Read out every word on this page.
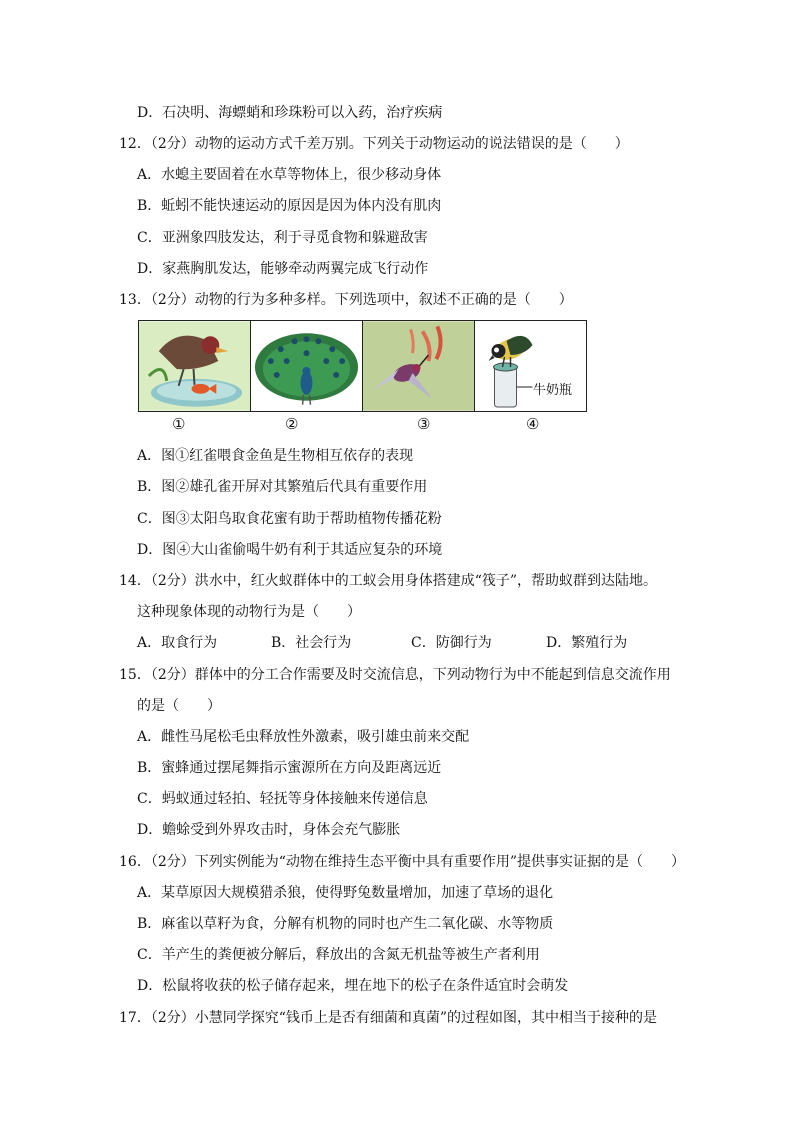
D．石决明、海螵蛸和珍珠粉可以入药，治疗疾病
12．（2分）动物的运动方式千差万别。下列关于动物运动的说法错误的是（　　）
A．水螅主要固着在水草等物体上，很少移动身体
B．蚯蚓不能快速运动的原因是因为体内没有肌肉
C．亚洲象四肢发达，利于寻觅食物和躲避敌害
D．家燕胸肌发达，能够牵动两翼完成飞行动作
13．（2分）动物的行为多种多样。下列选项中，叙述不正确的是（　　）
牛奶瓶
①	②	③	④
A．图①红雀喂食金鱼是生物相互依存的表现
B．图②雄孔雀开屏对其繁殖后代具有重要作用
C．图③太阳鸟取食花蜜有助于帮助植物传播花粉
D．图④大山雀偷喝牛奶有利于其适应复杂的环境
14．（2分）洪水中，红火蚁群体中的工蚁会用身体搭建成“筏子”，帮助蚁群到达陆地。
这种现象体现的动物行为是（　　）
A．取食行为	B．社会行为	C．防御行为	D．繁殖行为
15．（2分）群体中的分工合作需要及时交流信息，下列动物行为中不能起到信息交流作用
的是（　　）
A．雌性马尾松毛虫释放性外激素，吸引雄虫前来交配
B．蜜蜂通过摆尾舞指示蜜源所在方向及距离远近
C．蚂蚁通过轻拍、轻抚等身体接触来传递信息
D．蟾蜍受到外界攻击时，身体会充气膨胀
16．（2分）下列实例能为“动物在维持生态平衡中具有重要作用”提供事实证据的是（　　）
A．某草原因大规模猎杀狼，使得野兔数量增加，加速了草场的退化
B．麻雀以草籽为食，分解有机物的同时也产生二氧化碳、水等物质
C．羊产生的粪便被分解后，释放出的含氮无机盐等被生产者利用
D．松鼠将收获的松子储存起来，埋在地下的松子在条件适宜时会萌发
17．（2分）小慧同学探究“钱币上是否有细菌和真菌”的过程如图，其中相当于接种的是
